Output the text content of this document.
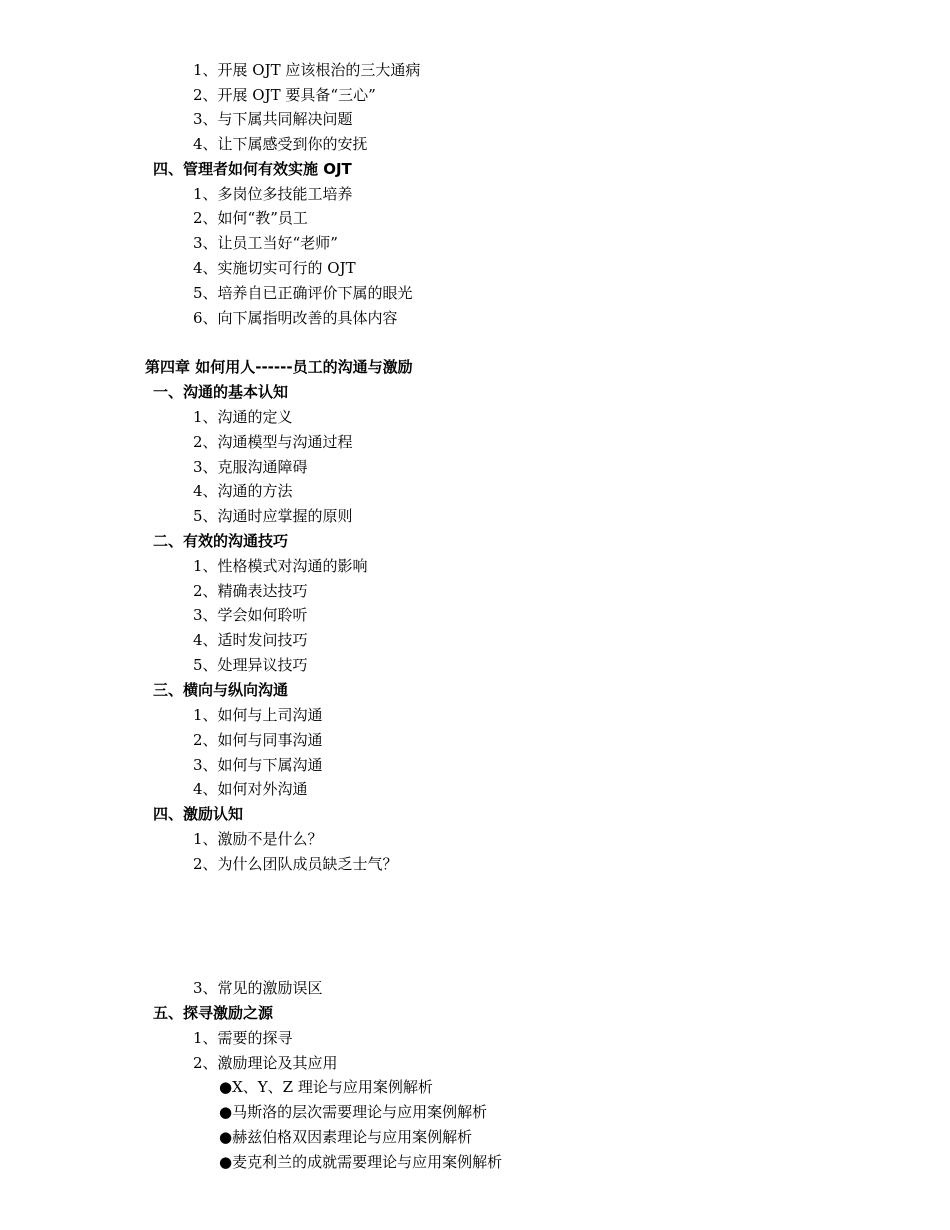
1、开展 OJT 应该根治的三大通病
2、开展 OJT 要具备“三心”
3、与下属共同解决问题
4、让下属感受到你的安抚
四、管理者如何有效实施 OJT
1、多岗位多技能工培养
2、如何“教”员工
3、让员工当好“老师”
4、实施切实可行的 OJT
5、培养自已正确评价下属的眼光
6、向下属指明改善的具体内容
第四章 如何用人------员工的沟通与激励
一、沟通的基本认知
1、沟通的定义
2、沟通模型与沟通过程
3、克服沟通障碍
4、沟通的方法
5、沟通时应掌握的原则
二、有效的沟通技巧
1、性格模式对沟通的影响
2、精确表达技巧
3、学会如何聆听
4、适时发问技巧
5、处理异议技巧
三、横向与纵向沟通
1、如何与上司沟通
2、如何与同事沟通
3、如何与下属沟通
4、如何对外沟通
四、激励认知
1、激励不是什么？
2、为什么团队成员缺乏士气？
3、常见的激励误区
五、探寻激励之源
1、需要的探寻
2、激励理论及其应用
●X、Y、Z 理论与应用案例解析
●马斯洛的层次需要理论与应用案例解析
●赫兹伯格双因素理论与应用案例解析
●麦克利兰的成就需要理论与应用案例解析
